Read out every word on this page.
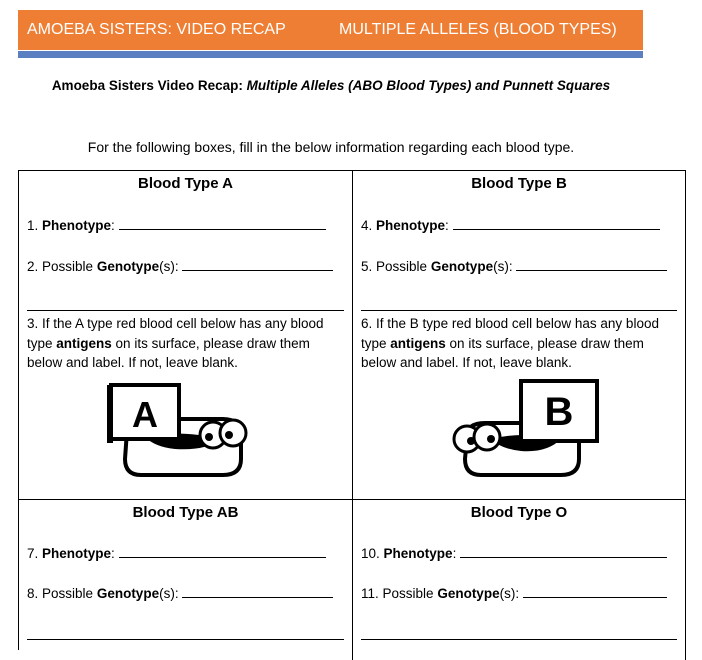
AMOEBA SISTERS: VIDEO RECAP	MULTIPLE ALLELES (BLOOD TYPES)
Amoeba Sisters Video Recap: Multiple Alleles (ABO Blood Types) and Punnett Squares
For the following boxes, fill in the below information regarding each blood type.
Blood Type A
1. Phenotype:
2. Possible Genotype(s):
3. If the A type red blood cell below has any blood type antigens on its surface, please draw them below and label. If not, leave blank.
A
Blood Type B
4. Phenotype:
5. Possible Genotype(s):
6. If the B type red blood cell below has any blood type antigens on its surface, please draw them below and label. If not, leave blank.
B
Blood Type AB
7. Phenotype:
8. Possible Genotype(s):
Blood Type O
10. Phenotype:
11. Possible Genotype(s):
